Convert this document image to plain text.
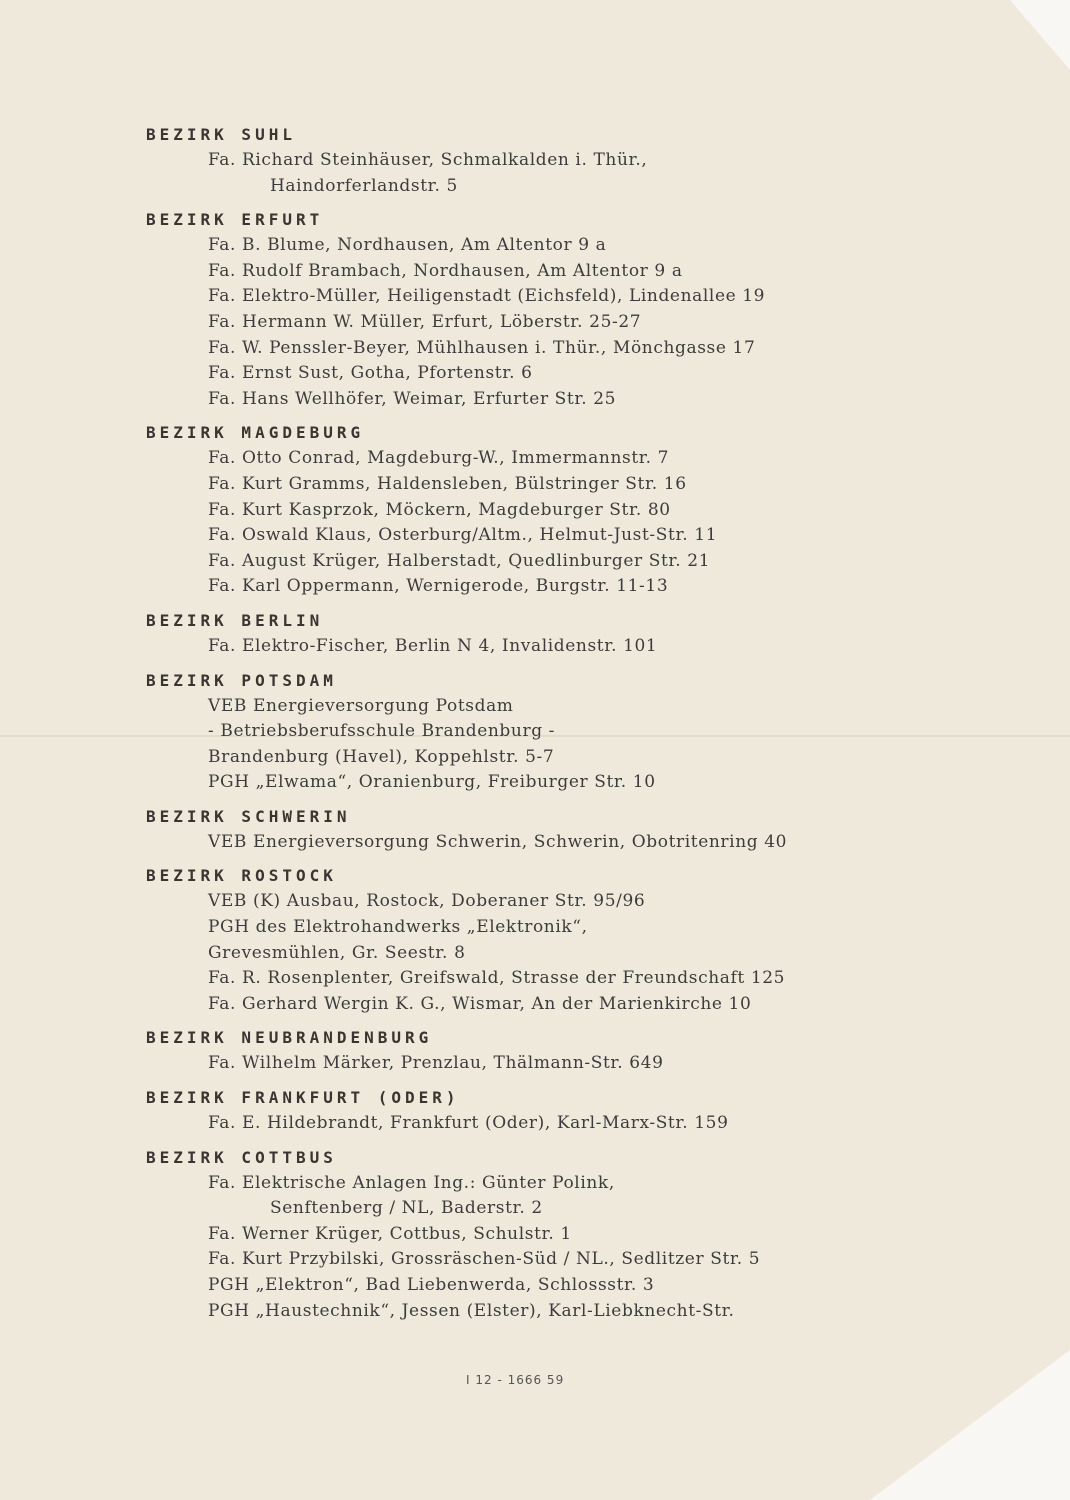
BEZIRK SUHL
Fa. Richard Steinhäuser, Schmalkalden i. Thür.,
Haindorferlandstr. 5
BEZIRK ERFURT
Fa. B. Blume, Nordhausen, Am Altentor 9 a
Fa. Rudolf Brambach, Nordhausen, Am Altentor 9 a
Fa. Elektro-Müller, Heiligenstadt (Eichsfeld), Lindenallee 19
Fa. Hermann W. Müller, Erfurt, Löberstr. 25-27
Fa. W. Penssler-Beyer, Mühlhausen i. Thür., Mönchgasse 17
Fa. Ernst Sust, Gotha, Pfortenstr. 6
Fa. Hans Wellhöfer, Weimar, Erfurter Str. 25
BEZIRK MAGDEBURG
Fa. Otto Conrad, Magdeburg-W., Immermannstr. 7
Fa. Kurt Gramms, Haldensleben, Bülstringer Str. 16
Fa. Kurt Kasprzok, Möckern, Magdeburger Str. 80
Fa. Oswald Klaus, Osterburg/Altm., Helmut-Just-Str. 11
Fa. August Krüger, Halberstadt, Quedlinburger Str. 21
Fa. Karl Oppermann, Wernigerode, Burgstr. 11-13
BEZIRK BERLIN
Fa. Elektro-Fischer, Berlin N 4, Invalidenstr. 101
BEZIRK POTSDAM
VEB Energieversorgung Potsdam
- Betriebsberufsschule Brandenburg -
Brandenburg (Havel), Koppehlstr. 5-7
PGH „Elwama“, Oranienburg, Freiburger Str. 10
BEZIRK SCHWERIN
VEB Energieversorgung Schwerin, Schwerin, Obotritenring 40
BEZIRK ROSTOCK
VEB (K) Ausbau, Rostock, Doberaner Str. 95/96
PGH des Elektrohandwerks „Elektronik“,
Grevesmühlen, Gr. Seestr. 8
Fa. R. Rosenplenter, Greifswald, Strasse der Freundschaft 125
Fa. Gerhard Wergin K. G., Wismar, An der Marienkirche 10
BEZIRK NEUBRANDENBURG
Fa. Wilhelm Märker, Prenzlau, Thälmann-Str. 649
BEZIRK FRANKFURT (ODER)
Fa. E. Hildebrandt, Frankfurt (Oder), Karl-Marx-Str. 159
BEZIRK COTTBUS
Fa. Elektrische Anlagen Ing.: Günter Polink,
Senftenberg / NL, Baderstr. 2
Fa. Werner Krüger, Cottbus, Schulstr. 1
Fa. Kurt Przybilski, Grossräschen-Süd / NL., Sedlitzer Str. 5
PGH „Elektron“, Bad Liebenwerda, Schlossstr. 3
PGH „Haustechnik“, Jessen (Elster), Karl-Liebknecht-Str.
I 12 - 1666 59
